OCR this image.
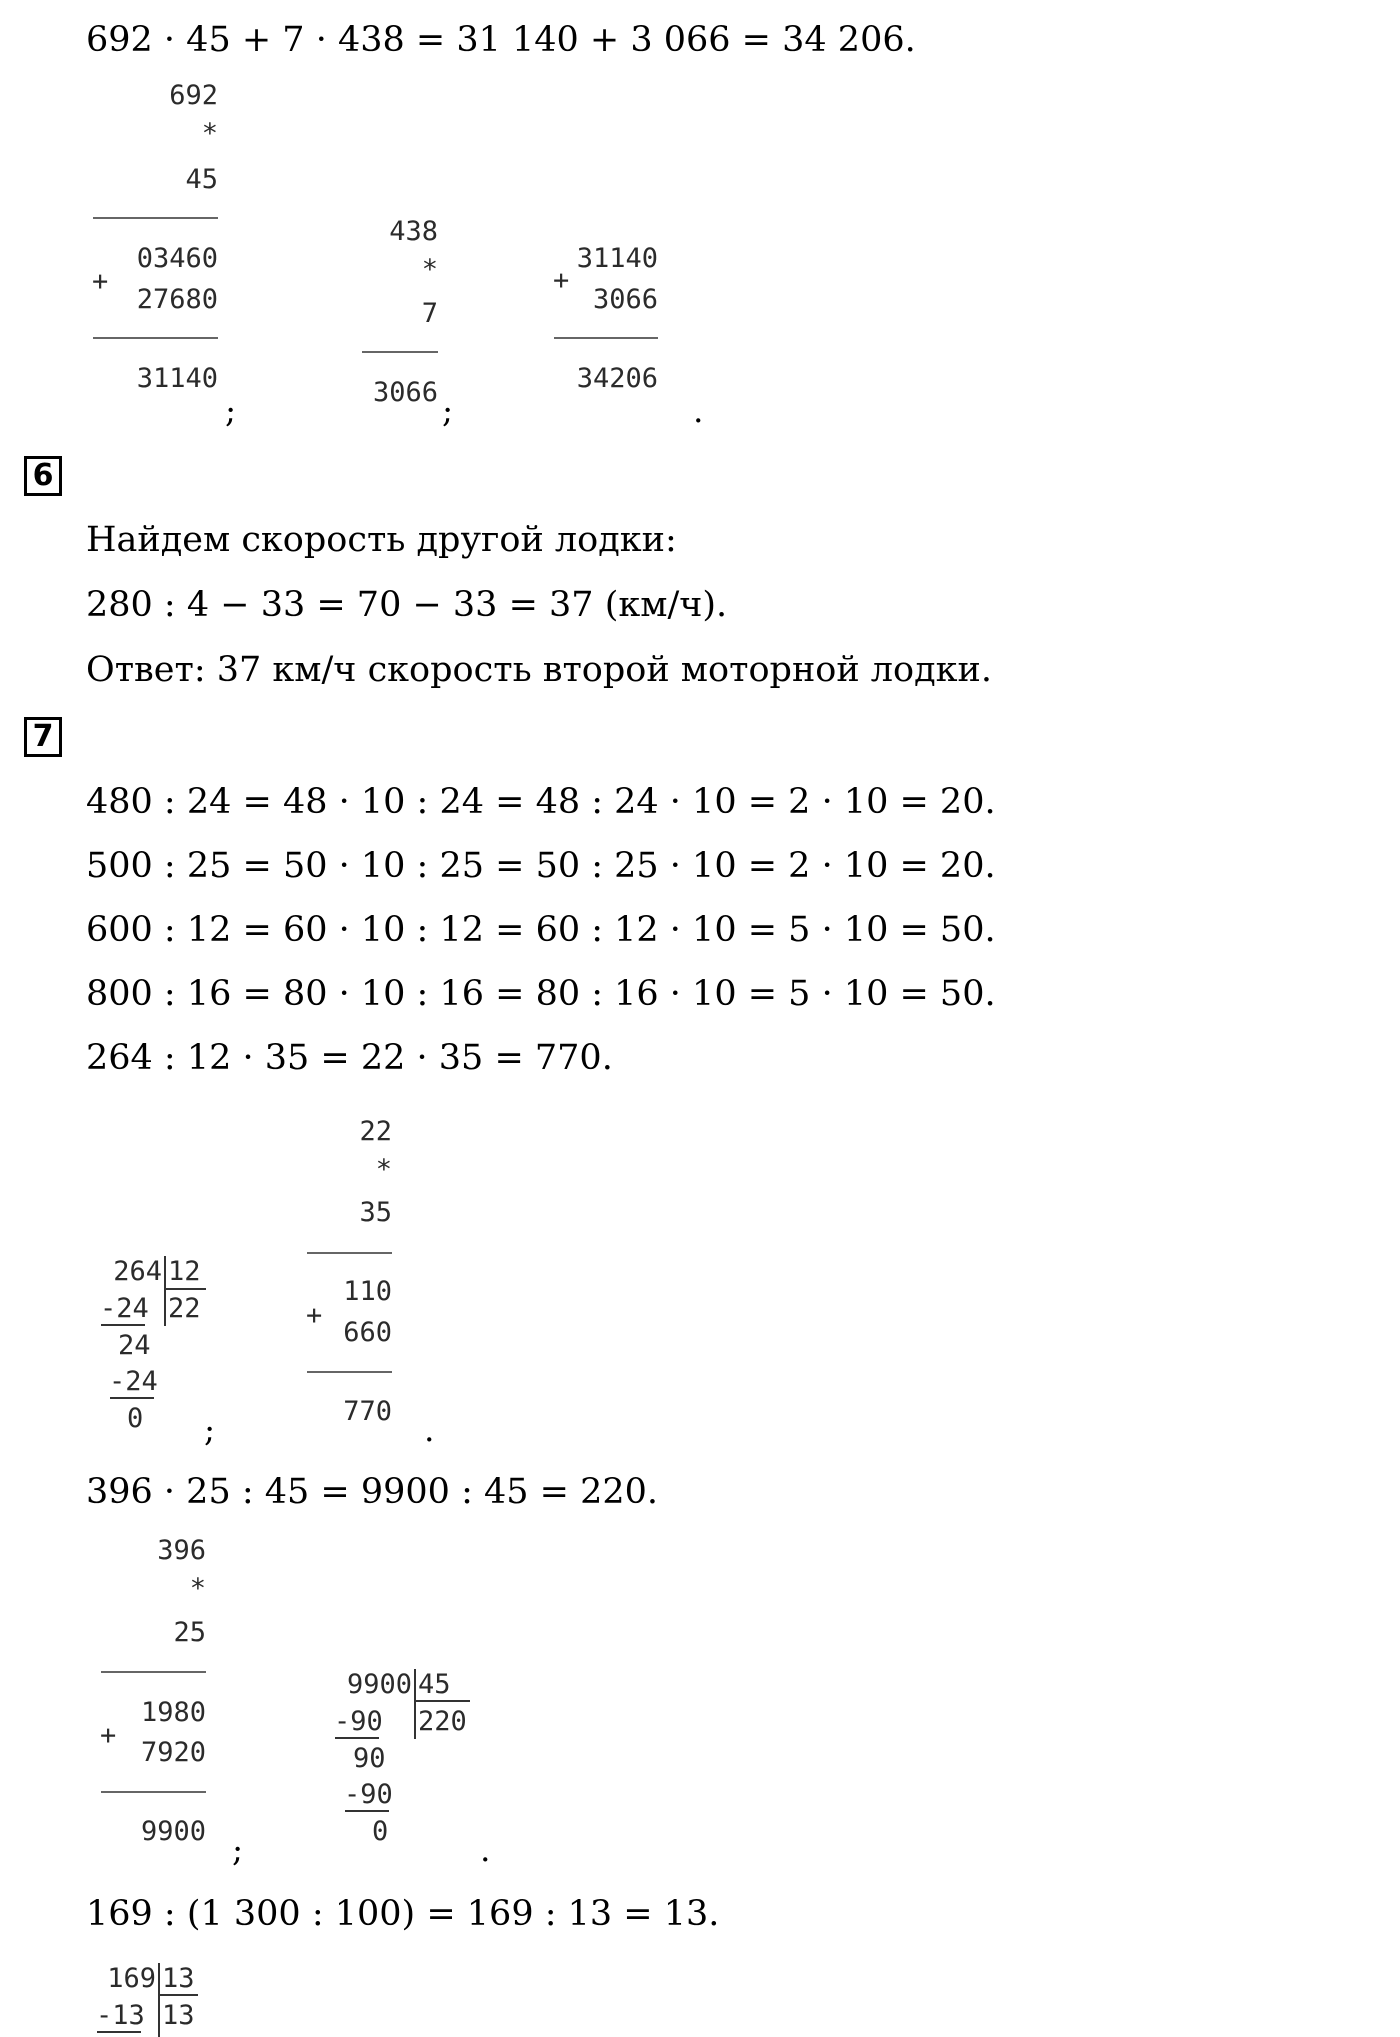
692 · 45 + 7 · 438 = 31 140 + 3 066 = 34 206.
692
*
45
+
03460
27680
31140
;
438
*
7
3066 ;
+
31140
3066
34206
.
6
Найдем скорость другой лодки:
280 : 4 − 33 = 70 − 33 = 37 (км/ч).
Ответ: 37 км/ч скорость второй моторной лодки.
7
480 : 24 = 48 · 10 : 24 = 48 : 24 · 10 = 2 · 10 = 20.
500 : 25 = 50 · 10 : 25 = 50 : 25 · 10 = 2 · 10 = 20.
600 : 12 = 60 · 10 : 12 = 60 : 12 · 10 = 5 · 10 = 50.
800 : 16 = 80 · 10 : 16 = 80 : 16 · 10 = 5 · 10 = 50.
264 : 12 · 35 = 22 · 35 = 770.
264 12
22
-24
24
-24
0 ;
22
*
35
+
110
660
770 .
396 · 25 : 45 = 9900 : 45 = 220.
396
*
25
+
1980
7920
9900 ;
9900 45
220
-90
90
-90
0	.
169 : (1 300 : 100) = 169 : 13 = 13.
169 13
13
-13
